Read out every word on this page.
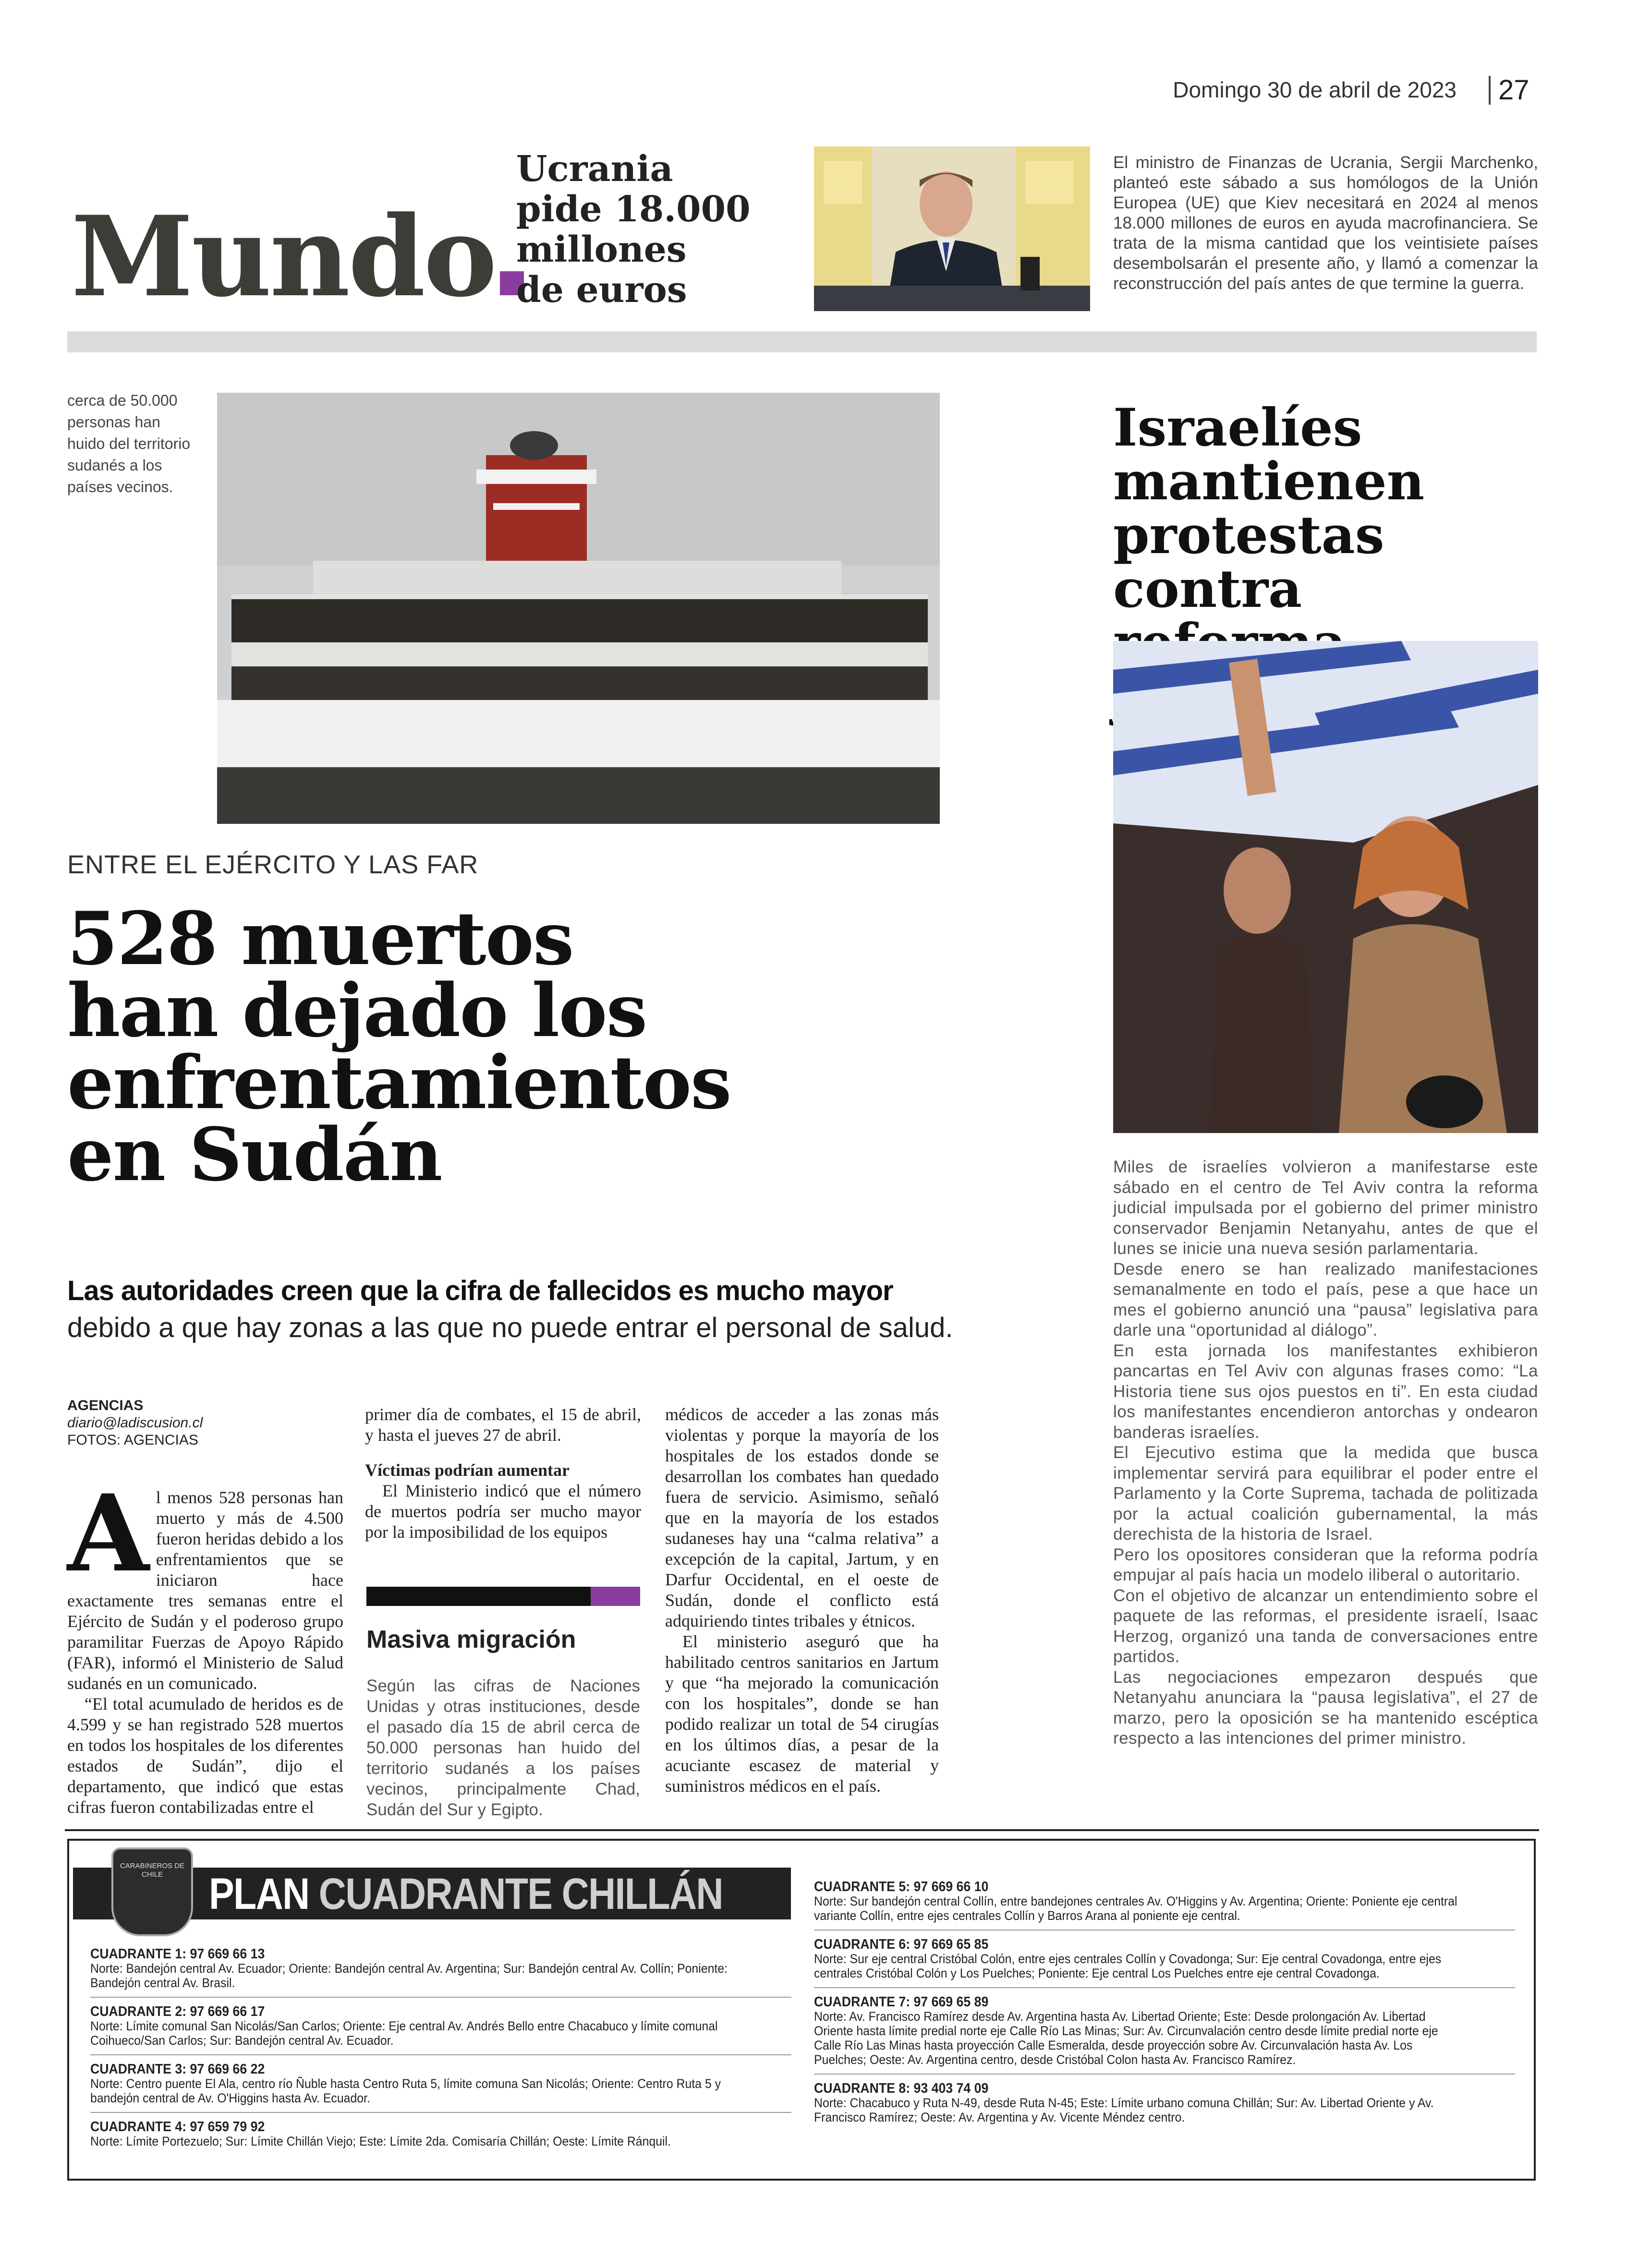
Domingo 30 de abril de 2023 27
Mundo
Ucrania
pide 18.000
millones
de euros
El ministro de Finanzas de Ucrania, Sergii Marchenko, planteó este sábado a sus homólogos de la Unión Europea (UE) que Kiev necesitará en 2024 al menos 18.000 millones de euros en ayuda macrofinanciera. Se trata de la misma cantidad que los veintisiete países desembolsarán el presente año, y llamó a comenzar la reconstrucción del país antes de que termine la guerra.
cerca de 50.000 personas han huido del territorio sudanés a los países vecinos.
ENTRE EL EJÉRCITO Y LAS FAR
528 muertos
han dejado los
enfrentamientos
en Sudán
Las autoridades creen que la cifra de fallecidos es mucho mayor
debido a que hay zonas a las que no puede entrar el personal de salud.
AGENCIAS
diario@ladiscusion.cl
FOTOS: AGENCIAS
Al menos 528 personas han muerto y más de 4.500 fueron heridas debido a los enfrentamientos que se iniciaron hace exactamente tres semanas entre el Ejército de Sudán y el poderoso grupo paramilitar Fuerzas de Apoyo Rápido (FAR), informó el Ministerio de Salud sudanés en un comunicado.
“El total acumulado de heridos es de 4.599 y se han registrado 528 muertos en todos los hospitales de los diferentes estados de Sudán”, dijo el departamento, que indicó que estas cifras fueron contabilizadas entre el
primer día de combates, el 15 de abril, y hasta el jueves 27 de abril.
Víctimas podrían aumentar
El Ministerio indicó que el número de muertos podría ser mucho mayor por la imposibilidad de los equipos
Masiva migración
Según las cifras de Naciones Unidas y otras instituciones, desde el pasado día 15 de abril cerca de 50.000 personas han huido del territorio sudanés a los países vecinos, principalmente Chad, Sudán del Sur y Egipto.
médicos de acceder a las zonas más violentas y porque la mayoría de los hospitales de los estados donde se desarrollan los combates han quedado fuera de servicio. Asimismo, señaló que en la mayoría de los estados sudaneses hay una “calma relativa” a excepción de la capital, Jartum, y en Darfur Occidental, en el oeste de Sudán, donde el conflicto está adquiriendo tintes tribales y étnicos.
El ministerio aseguró que ha habilitado centros sanitarios en Jartum y que “ha mejorado la comunicación con los hospitales”, donde se han podido realizar un total de 54 cirugías en los últimos días, a pesar de la acuciante escasez de material y suministros médicos en el país.
Israelíes
mantienen
protestas contra

Miles de israelíes volvieron a manifestarse este sábado en el centro de Tel Aviv contra la reforma judicial impulsada por el gobierno del primer ministro conservador Benjamin Netanyahu, antes de que el lunes se inicie una nueva sesión parlamentaria.

Desde enero se han realizado manifestaciones semanalmente en todo el país, pese a que hace un mes el gobierno anunció una “pausa” legislativa para darle una “oportunidad al diálogo”.

En esta jornada los manifestantes exhibieron pancartas en Tel Aviv con algunas frases como: “La Historia tiene sus ojos puestos en ti”. En esta ciudad los manifestantes encendieron antorchas y ondearon banderas israelíes.

El Ejecutivo estima que la medida que busca implementar servirá para equilibrar el poder entre el Parlamento y la Corte Suprema, tachada de politizada por la actual coalición gubernamental, la más derechista de la historia de Israel.

Pero los opositores consideran que la reforma podría empujar al país hacia un modelo iliberal o autoritario.

Con el objetivo de alcanzar un entendimiento sobre el paquete de las reformas, el presidente israelí, Isaac Herzog, organizó una tanda de conversaciones entre partidos.

Las negociaciones empezaron después que Netanyahu anunciara la “pausa legislativa”, el 27 de marzo, pero la oposición se ha mantenido escéptica respecto a las intenciones del primer ministro.

CARABINEROS DE CHILE	PLAN CUADRANTE CHILLÁN
CUADRANTE 1: 97 669 66 13
Norte: Bandejón central Av. Ecuador; Oriente: Bandejón central Av. Argentina; Sur: Bandejón central Av. Collín; Poniente: Bandejón central Av. Brasil.
CUADRANTE 2: 97 669 66 17
Norte: Límite comunal San Nicolás/San Carlos; Oriente: Eje central Av. Andrés Bello entre Chacabuco y límite comunal Coihueco/San Carlos; Sur: Bandejón central Av. Ecuador.
CUADRANTE 3: 97 669 66 22
Norte: Centro puente El Ala, centro río Ñuble hasta Centro Ruta 5, límite comuna San Nicolás; Oriente: Centro Ruta 5 y bandejón central de Av. O'Higgins hasta Av. Ecuador.
CUADRANTE 4: 97 659 79 92
Norte: Límite Portezuelo; Sur: Límite Chillán Viejo; Este: Límite 2da. Comisaría Chillán; Oeste: Límite Ránquil.
CUADRANTE 5: 97 669 66 10
Norte: Sur bandejón central Collín, entre bandejones centrales Av. O'Higgins y Av. Argentina; Oriente: Poniente eje central variante Collín, entre ejes centrales Collín y Barros Arana al poniente eje central.
CUADRANTE 6: 97 669 65 85
Norte: Sur eje central Cristóbal Colón, entre ejes centrales Collín y Covadonga; Sur: Eje central Covadonga, entre ejes centrales Cristóbal Colón y Los Puelches; Poniente: Eje central Los Puelches entre eje central Covadonga.
CUADRANTE 7: 97 669 65 89
Norte: Av. Francisco Ramírez desde Av. Argentina hasta Av. Libertad Oriente; Este: Desde prolongación Av. Libertad Oriente hasta límite predial norte eje Calle Río Las Minas; Sur: Av. Circunvalación centro desde límite predial norte eje Calle Río Las Minas hasta proyección Calle Esmeralda, desde proyección sobre Av. Circunvalación hasta Av. Los Puelches; Oeste: Av. Argentina centro, desde Cristóbal Colon hasta Av. Francisco Ramírez.
CUADRANTE 8: 93 403 74 09
Norte: Chacabuco y Ruta N-49, desde Ruta N-45; Este: Límite urbano comuna Chillán; Sur: Av. Libertad Oriente y Av. Francisco Ramírez; Oeste: Av. Argentina y Av. Vicente Méndez centro.
